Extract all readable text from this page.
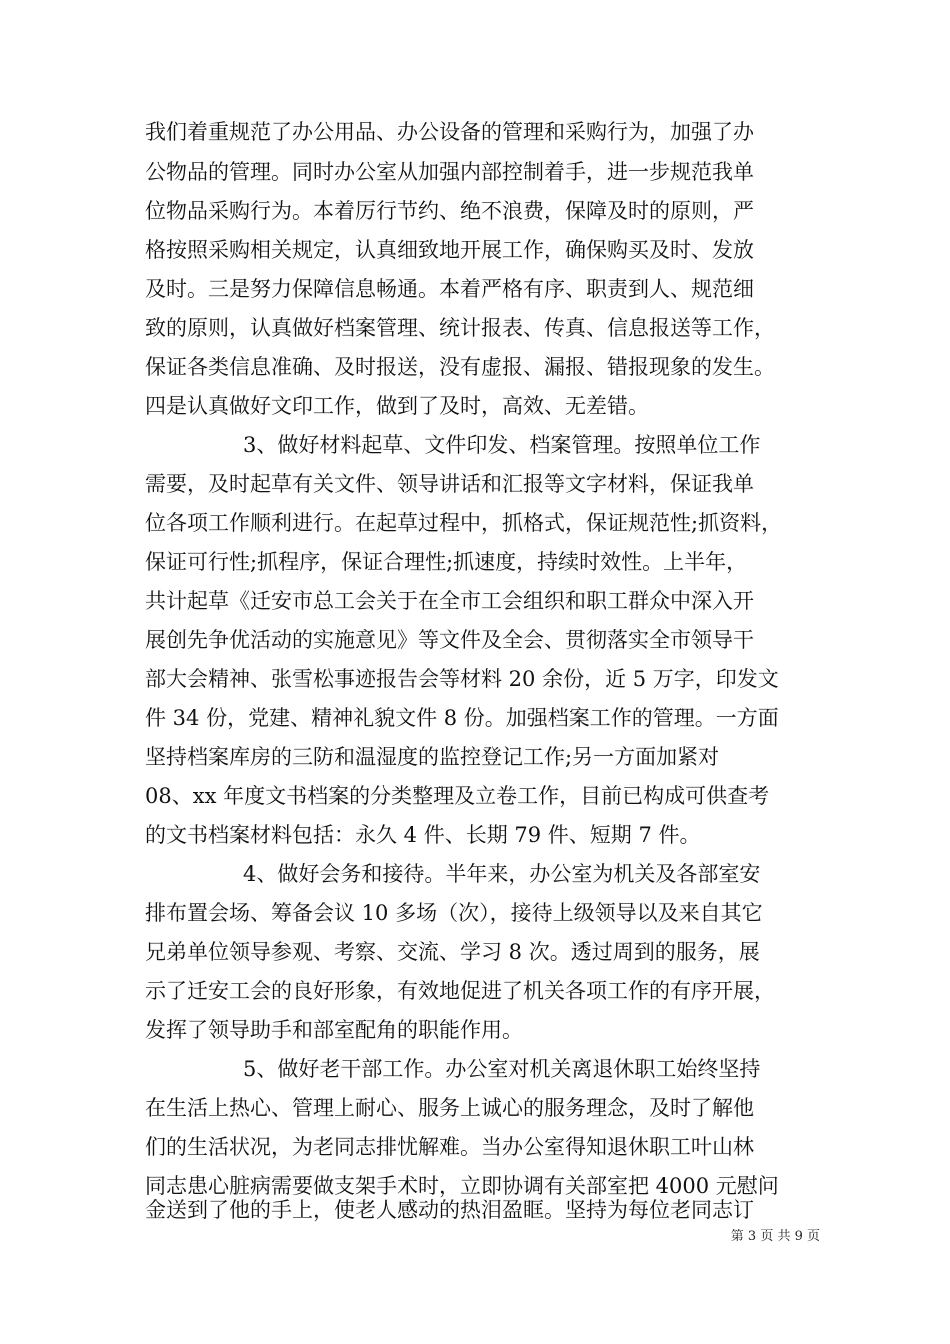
我们着重规范了办公用品、办公设备的管理和采购行为，加强了办
公物品的管理。同时办公室从加强内部控制着手，进一步规范我单
位物品采购行为。本着厉行节约、绝不浪费，保障及时的原则，严
格按照采购相关规定，认真细致地开展工作，确保购买及时、发放
及时。三是努力保障信息畅通。本着严格有序、职责到人、规范细
致的原则，认真做好档案管理、统计报表、传真、信息报送等工作，
保证各类信息准确、及时报送，没有虚报、漏报、错报现象的发生。
四是认真做好文印工作，做到了及时，高效、无差错。
3、做好材料起草、文件印发、档案管理。按照单位工作
需要，及时起草有关文件、领导讲话和汇报等文字材料，保证我单
位各项工作顺利进行。在起草过程中，抓格式，保证规范性;抓资料，
保证可行性;抓程序，保证合理性;抓速度，持续时效性。上半年，
共计起草《迁安市总工会关于在全市工会组织和职工群众中深入开
展创先争优活动的实施意见》等文件及全会、贯彻落实全市领导干
部大会精神、张雪松事迹报告会等材料 20 余份，近 5 万字，印发文
件 34 份，党建、精神礼貌文件 8 份。加强档案工作的管理。一方面
坚持档案库房的三防和温湿度的监控登记工作;另一方面加紧对
08、xx 年度文书档案的分类整理及立卷工作，目前已构成可供查考
的文书档案材料包括：永久 4 件、长期 79 件、短期 7 件。
4、做好会务和接待。半年来，办公室为机关及各部室安
排布置会场、筹备会议 10 多场（次），接待上级领导以及来自其它
兄弟单位领导参观、考察、交流、学习 8 次。透过周到的服务，展
示了迁安工会的良好形象，有效地促进了机关各项工作的有序开展，
发挥了领导助手和部室配角的职能作用。
5、做好老干部工作。办公室对机关离退休职工始终坚持
在生活上热心、管理上耐心、服务上诚心的服务理念，及时了解他
们的生活状况，为老同志排忧解难。当办公室得知退休职工叶山林
同志患心脏病需要做支架手术时，立即协调有关部室把 4000 元慰问
金送到了他的手上，使老人感动的热泪盈眶。坚持为每位老同志订
第 3 页 共 9 页
